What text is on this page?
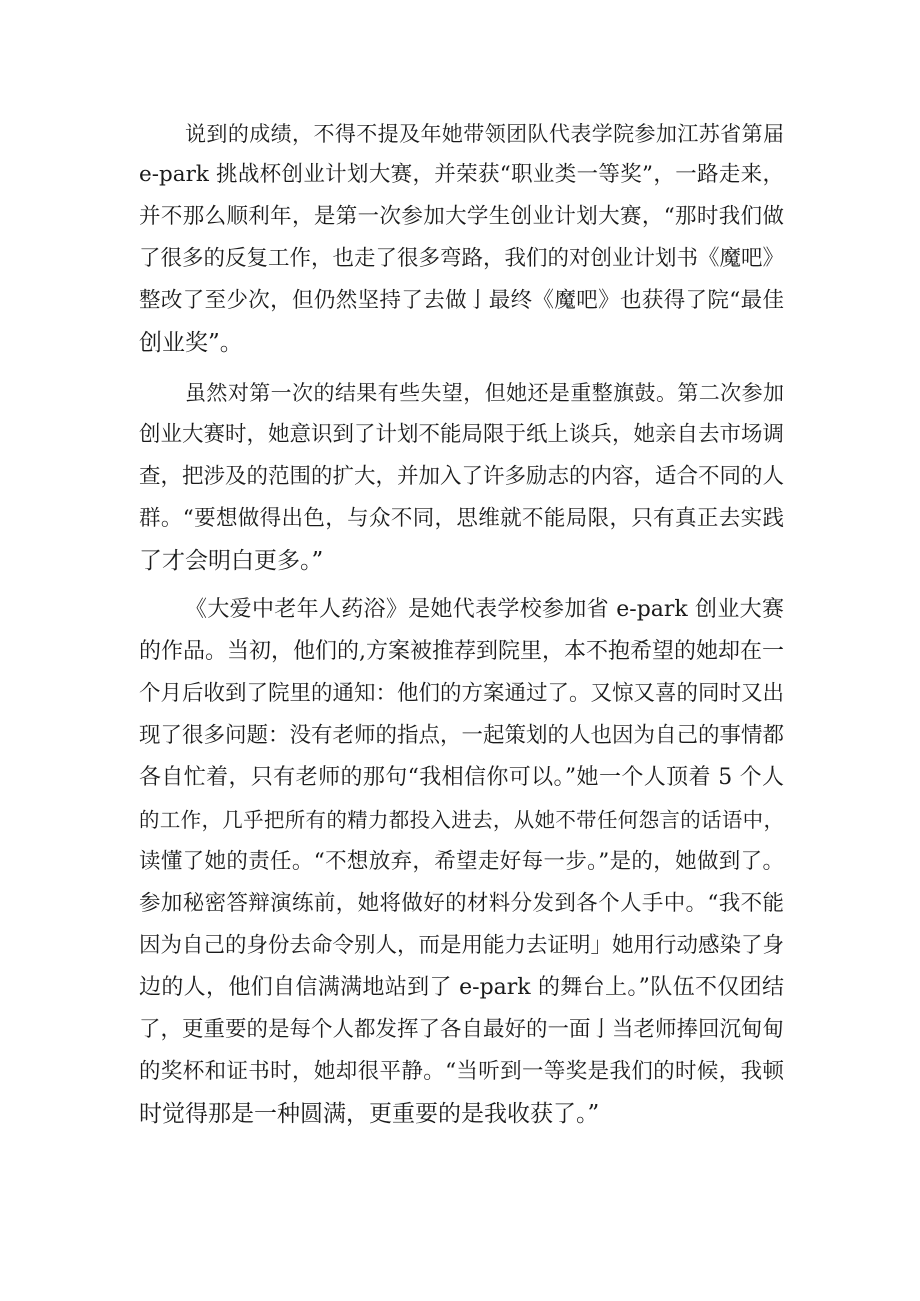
说到的成绩，不得不提及年她带领团队代表学院参加江苏省第届

e-park 挑战杯创业计划大赛，并荣获“职业类一等奖”，一路走来，

并不那么顺利年，是第一次参加大学生创业计划大赛，“那时我们做

了很多的反复工作，也走了很多弯路，我们的对创业计划书《魔吧》

整改了至少次，但仍然坚持了去做亅最终《魔吧》也获得了院“最佳

创业奖”。

虽然对第一次的结果有些失望，但她还是重整旗鼓。第二次参加

创业大赛时，她意识到了计划不能局限于纸上谈兵，她亲自去市场调

查，把涉及的范围的扩大，并加入了许多励志的内容，适合不同的人

群。“要想做得出色，与众不同，思维就不能局限，只有真正去实践

了才会明白更多。”

《大爱中老年人药浴》是她代表学校参加省 e-park 创业大赛

的作品。当初，他们的,方案被推荐到院里，本不抱希望的她却在一

个月后收到了院里的通知：他们的方案通过了。又惊又喜的同时又出

现了很多问题：没有老师的指点，一起策划的人也因为自己的事情都

各自忙着，只有老师的那句“我相信你可以。”她一个人顶着 5 个人

的工作，几乎把所有的精力都投入进去，从她不带任何怨言的话语中，

读懂了她的责任。“不想放弃，希望走好每一步。”是的，她做到了。

参加秘密答辩演练前，她将做好的材料分发到各个人手中。“我不能

因为自己的身份去命令别人，而是用能力去证明」她用行动感染了身

边的人，他们自信满满地站到了 e-park 的舞台上。”队伍不仅团结

了，更重要的是每个人都发挥了各自最好的一面亅当老师捧回沉甸甸

的奖杯和证书时，她却很平静。“当听到一等奖是我们的时候，我顿

时觉得那是一种圆满，更重要的是我收获了。”
